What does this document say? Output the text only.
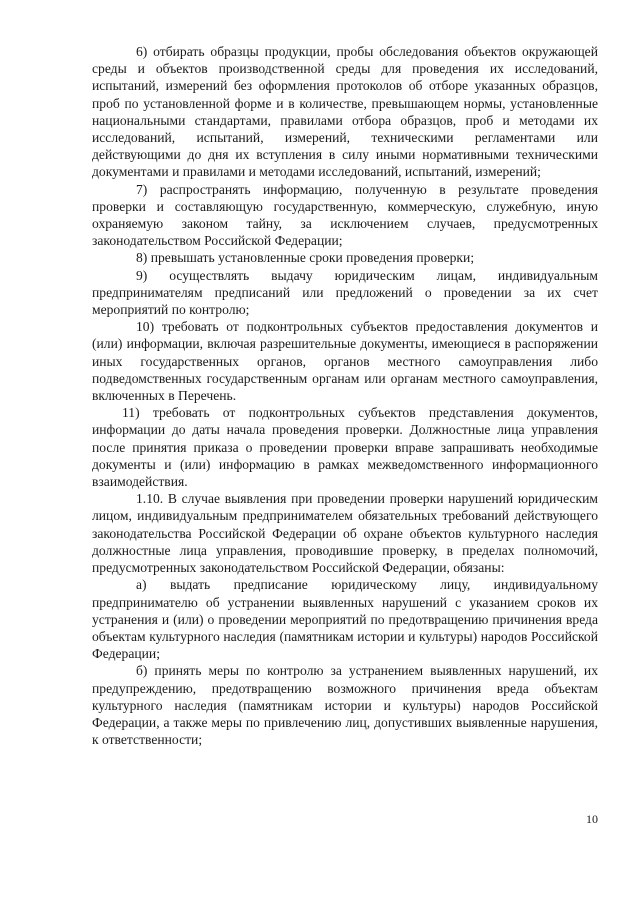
6) отбирать образцы продукции, пробы обследования объектов окружающей среды и объектов производственной среды для проведения их исследований, испытаний, измерений без оформления протоколов об отборе указанных образцов, проб по установленной форме и в количестве, превышающем нормы, установленные национальными стандартами, правилами отбора образцов, проб и методами их исследований, испытаний, измерений, техническими регламентами или действующими до дня их вступления в силу иными нормативными техническими документами и правилами и методами исследований, испытаний, измерений;

7) распространять информацию, полученную в результате проведения проверки и составляющую государственную, коммерческую, служебную, иную охраняемую законом тайну, за исключением случаев, предусмотренных законодательством Российской Федерации;

8) превышать установленные сроки проведения проверки;

9) осуществлять выдачу юридическим лицам, индивидуальным предпринимателям предписаний или предложений о проведении за их счет мероприятий по контролю;

10) требовать от подконтрольных субъектов предоставления документов и (или) информации, включая разрешительные документы, имеющиеся в распоряжении иных государственных органов, органов местного самоуправления либо подведомственных государственным органам или органам местного самоуправления, включенных в Перечень.

11) требовать от подконтрольных субъектов представления документов, информации до даты начала проведения проверки. Должностные лица управления после принятия приказа о проведении проверки вправе запрашивать необходимые документы и (или) информацию в рамках межведомственного информационного взаимодействия.

1.10. В случае выявления при проведении проверки нарушений юридическим лицом, индивидуальным предпринимателем обязательных требований действующего законодательства Российской Федерации об охране объектов культурного наследия должностные лица управления, проводившие проверку, в пределах полномочий, предусмотренных законодательством Российской Федерации, обязаны:

а) выдать предписание юридическому лицу, индивидуальному предпринимателю об устранении выявленных нарушений с указанием сроков их устранения и (или) о проведении мероприятий по предотвращению причинения вреда объектам культурного наследия (памятникам истории и культуры) народов Российской Федерации;

б) принять меры по контролю за устранением выявленных нарушений, их предупреждению, предотвращению возможного причинения вреда объектам культурного наследия (памятникам истории и культуры) народов Российской Федерации, а также меры по привлечению лиц, допустивших выявленные нарушения, к ответственности;

10
